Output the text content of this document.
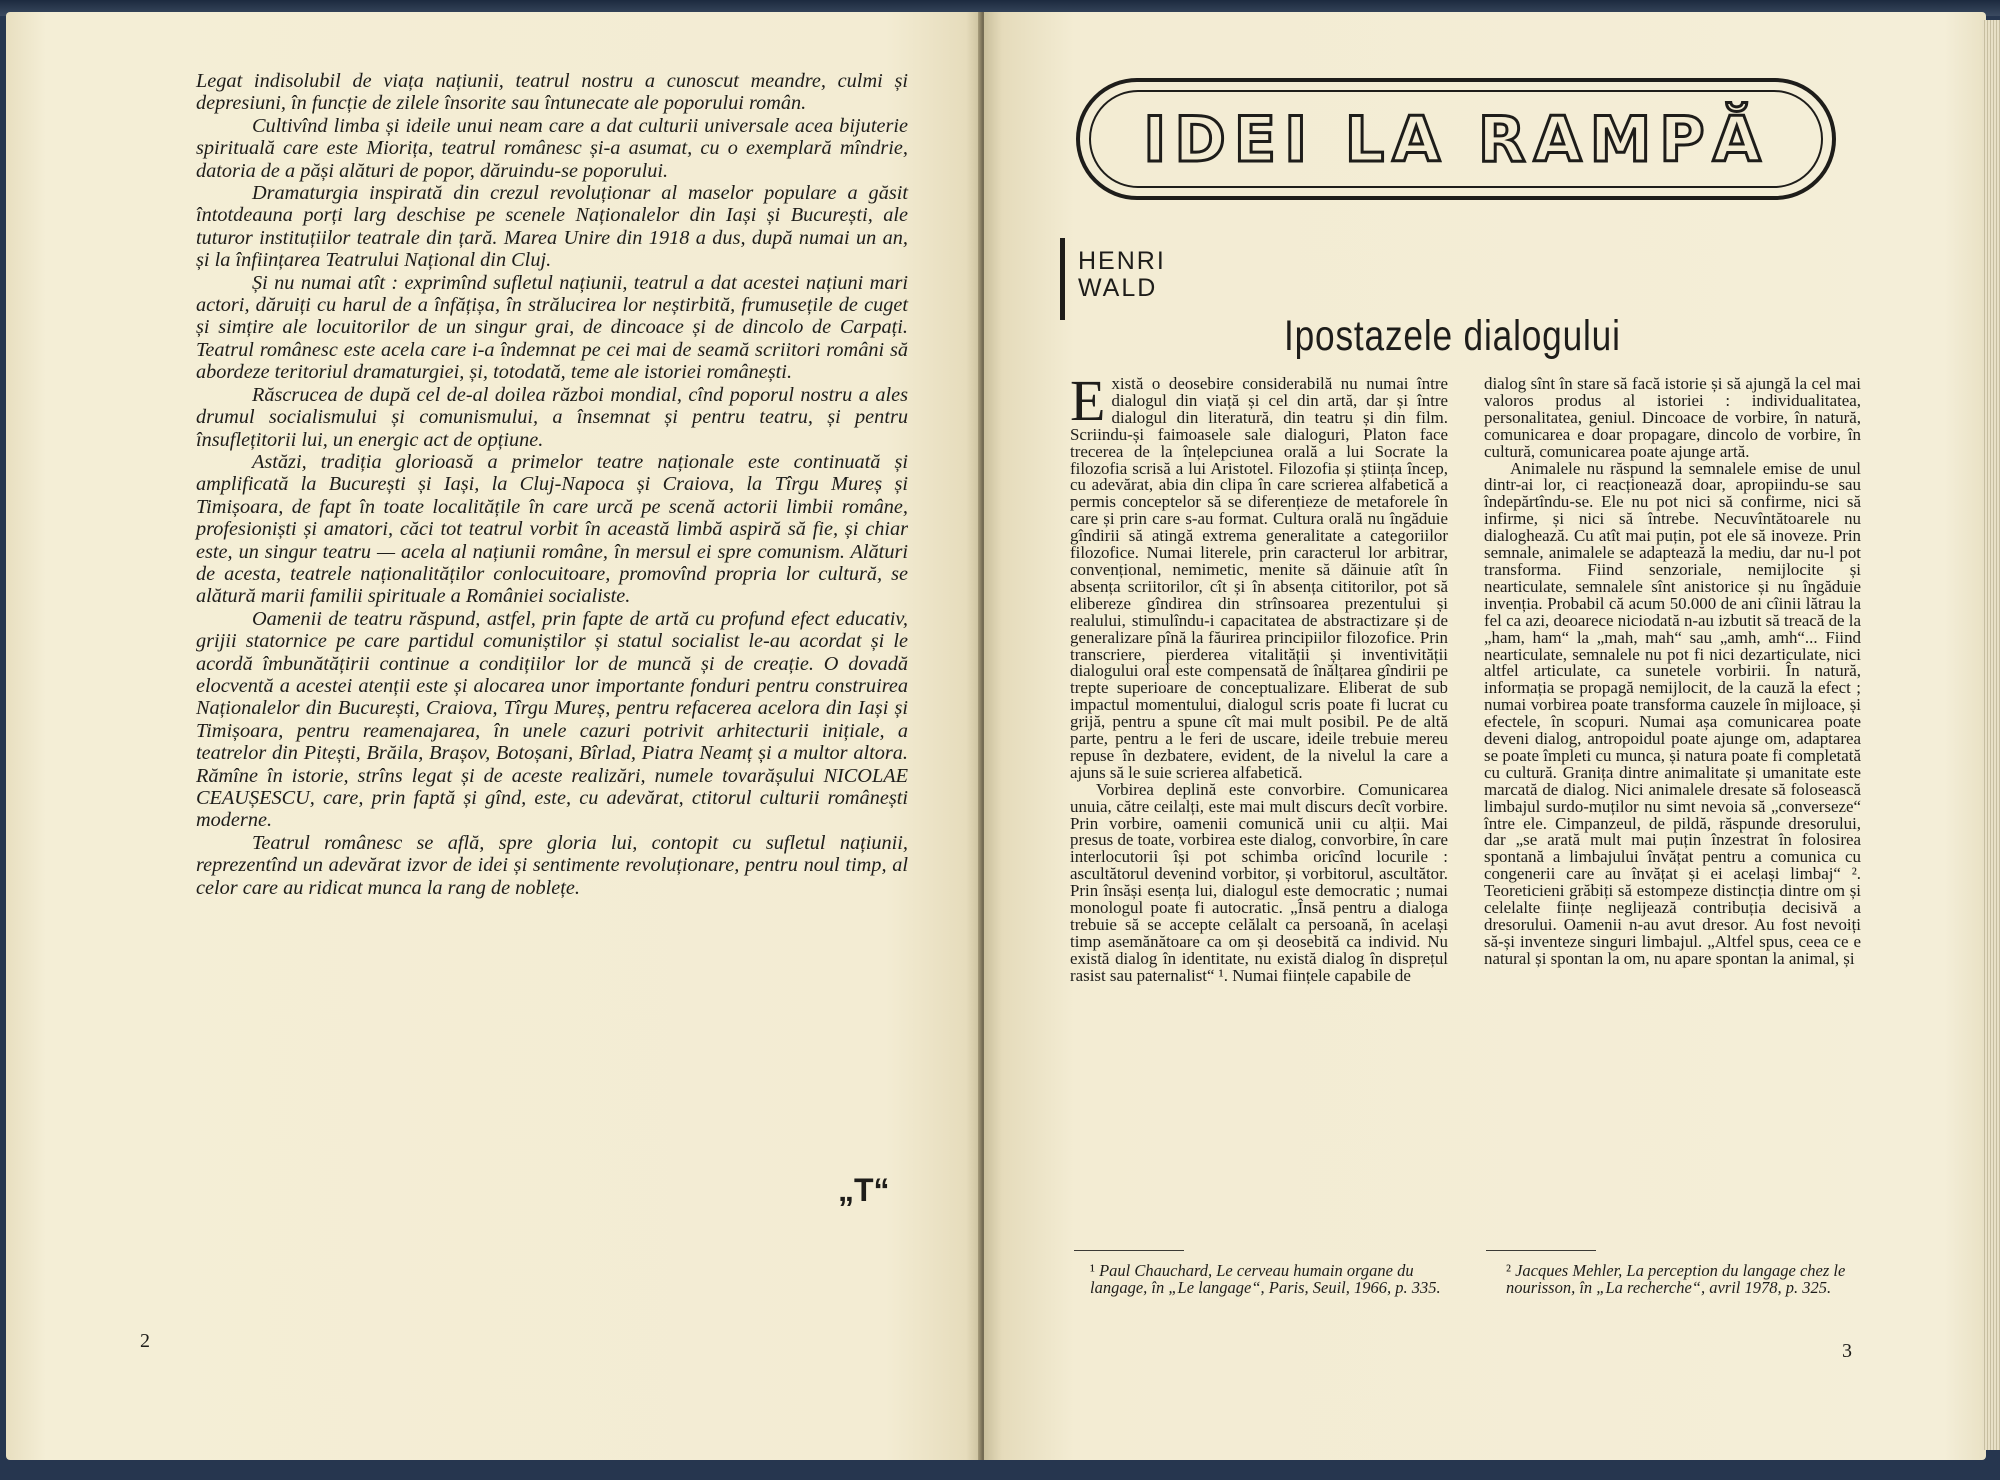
Legat indisolubil de viața națiunii, teatrul nostru a cunoscut meandre, culmi și depresiuni, în funcție de zilele însorite sau întunecate ale poporului român.

Cultivînd limba și ideile unui neam care a dat culturii universale acea bijuterie spirituală care este Miorița, teatrul românesc și-a asumat, cu o exemplară mîndrie, datoria de a păși alături de popor, dăruindu-se poporului.

Dramaturgia inspirată din crezul revoluționar al maselor populare a găsit întotdeauna porți larg deschise pe scenele Naționalelor din Iași și București, ale tuturor instituțiilor teatrale din țară. Marea Unire din 1918 a dus, după numai un an, și la înființarea Teatrului Național din Cluj.

Și nu numai atît : exprimînd sufletul națiunii, teatrul a dat acestei națiuni mari actori, dăruiți cu harul de a înfățișa, în strălucirea lor neștirbită, frumusețile de cuget și simțire ale locuitorilor de un singur grai, de dincoace și de dincolo de Carpați. Teatrul românesc este acela care i-a îndemnat pe cei mai de seamă scriitori români să abordeze teritoriul dramaturgiei, și, totodată, teme ale istoriei românești.

Răscrucea de după cel de-al doilea război mondial, cînd poporul nostru a ales drumul socialismului și comunismului, a însemnat și pentru teatru, și pentru însuflețitorii lui, un energic act de opțiune.

Astăzi, tradiția glorioasă a primelor teatre naționale este continuată și amplificată la București și Iași, la Cluj-Napoca și Craiova, la Tîrgu Mureș și Timișoara, de fapt în toate localitățile în care urcă pe scenă actorii limbii române, profesioniști și amatori, căci tot teatrul vorbit în această limbă aspiră să fie, și chiar este, un singur teatru — acela al națiunii române, în mersul ei spre comunism. Alături de acesta, teatrele naționalităților conlocuitoare, promovînd propria lor cultură, se alătură marii familii spirituale a României socialiste.

Oamenii de teatru răspund, astfel, prin fapte de artă cu profund efect educativ, grijii statornice pe care partidul comuniștilor și statul socialist le-au acordat și le acordă îmbunătățirii continue a condițiilor lor de muncă și de creație. O dovadă elocventă a acestei atenții este și alocarea unor importante fonduri pentru construirea Naționalelor din București, Craiova, Tîrgu Mureș, pentru refacerea acelora din Iași și Timișoara, pentru reamenajarea, în unele cazuri potrivit arhitecturii inițiale, a teatrelor din Pitești, Brăila, Brașov, Botoșani, Bîrlad, Piatra Neamț și a multor altora. Rămîne în istorie, strîns legat și de aceste realizări, numele tovarășului NICOLAE CEAUȘESCU, care, prin faptă și gînd, este, cu adevărat, ctitorul culturii românești moderne.

Teatrul românesc se află, spre gloria lui, contopit cu sufletul națiunii, reprezentînd un adevărat izvor de idei și sentimente revoluționare, pentru noul timp, al celor care au ridicat munca la rang de noblețe.

„T“
2
IDEI LA RAMPĂ
HENRI
WALD
Ipostazele dialogului

Există o deosebire considerabilă nu numai între dialogul din viață și cel din artă, dar și între dialogul din literatură, din teatru și din film. Scriindu-și faimoasele sale dialoguri, Platon face trecerea de la înțelepciunea orală a lui Socrate la filozofia scrisă a lui Aristotel. Filozofia și știința încep, cu adevărat, abia din clipa în care scrierea alfabetică a permis conceptelor să se diferențieze de metaforele în care și prin care s-au format. Cultura orală nu îngăduie gîndirii să atingă extrema generalitate a categoriilor filozofice. Numai literele, prin caracterul lor arbitrar, convențional, nemimetic, menite să dăinuie atît în absența scriitorilor, cît și în absența cititorilor, pot să elibereze gîndirea din strînsoarea prezentului și realului, stimulîndu-i capacitatea de abstractizare și de generalizare pînă la făurirea principiilor filozofice. Prin transcriere, pierderea vitalității și inventivității dialogului oral este compensată de înălțarea gîndirii pe trepte superioare de conceptualizare. Eliberat de sub impactul momentului, dialogul scris poate fi lucrat cu grijă, pentru a spune cît mai mult posibil. Pe de altă parte, pentru a le feri de uscare, ideile trebuie mereu repuse în dezbatere, evident, de la nivelul la care a ajuns să le suie scrierea alfabetică.

Vorbirea deplină este convorbire. Comunicarea unuia, către ceilalți, este mai mult discurs decît vorbire. Prin vorbire, oamenii comunică unii cu alții. Mai presus de toate, vorbirea este dialog, convorbire, în care interlocutorii își pot schimba oricînd locurile : ascultătorul devenind vorbitor, și vorbitorul, ascultător. Prin însăși esența lui, dialogul este democratic ; numai monologul poate fi autocratic. „Însă pentru a dialoga trebuie să se accepte celălalt ca persoană, în același timp asemănătoare ca om și deosebită ca individ. Nu există dialog în identitate, nu există dialog în disprețul rasist sau paternalist“ ¹. Numai ființele capabile de

dialog sînt în stare să facă istorie și să ajungă la cel mai valoros produs al istoriei : individualitatea, personalitatea, geniul. Dincoace de vorbire, în natură, comunicarea e doar propagare, dincolo de vorbire, în cultură, comunicarea poate ajunge artă.

Animalele nu răspund la semnalele emise de unul dintr-ai lor, ci reacționează doar, apropiindu-se sau îndepărtîndu-se. Ele nu pot nici să confirme, nici să infirme, și nici să întrebe. Necuvîntătoarele nu dialoghează. Cu atît mai puțin, pot ele să inoveze. Prin semnale, animalele se adaptează la mediu, dar nu-l pot transforma. Fiind senzoriale, nemijlocite și nearticulate, semnalele sînt anistorice și nu îngăduie invenția. Probabil că acum 50.000 de ani cîinii lătrau la fel ca azi, deoarece niciodată n-au izbutit să treacă de la „ham, ham“ la „mah, mah“ sau „amh, amh“... Fiind nearticulate, semnalele nu pot fi nici dezarticulate, nici altfel articulate, ca sunetele vorbirii. În natură, informația se propagă nemijlocit, de la cauză la efect ; numai vorbirea poate transforma cauzele în mijloace, și efectele, în scopuri. Numai așa comunicarea poate deveni dialog, antropoidul poate ajunge om, adaptarea se poate împleti cu munca, și natura poate fi completată cu cultură. Granița dintre animalitate și umanitate este marcată de dialog. Nici animalele dresate să folosească limbajul surdo-muților nu simt nevoia să „converseze“ între ele. Cimpanzeul, de pildă, răspunde dresorului, dar „se arată mult mai puțin înzestrat în folosirea spontană a limbajului învățat pentru a comunica cu congenerii care au învățat și ei același limbaj“ ². Teoreticieni grăbiți să estompeze distincția dintre om și celelalte ființe neglijează contribuția decisivă a dresorului. Oamenii n-au avut dresor. Au fost nevoiți să-și inventeze singuri limbajul. „Altfel spus, ceea ce e natural și spontan la om, nu apare spontan la animal, și

¹ Paul Chauchard, Le cerveau humain organe du langage, în „Le langage“, Paris, Seuil, 1966, p. 335.
² Jacques Mehler, La perception du langage chez le nourisson, în „La recherche“, avril 1978, p. 325.
3
